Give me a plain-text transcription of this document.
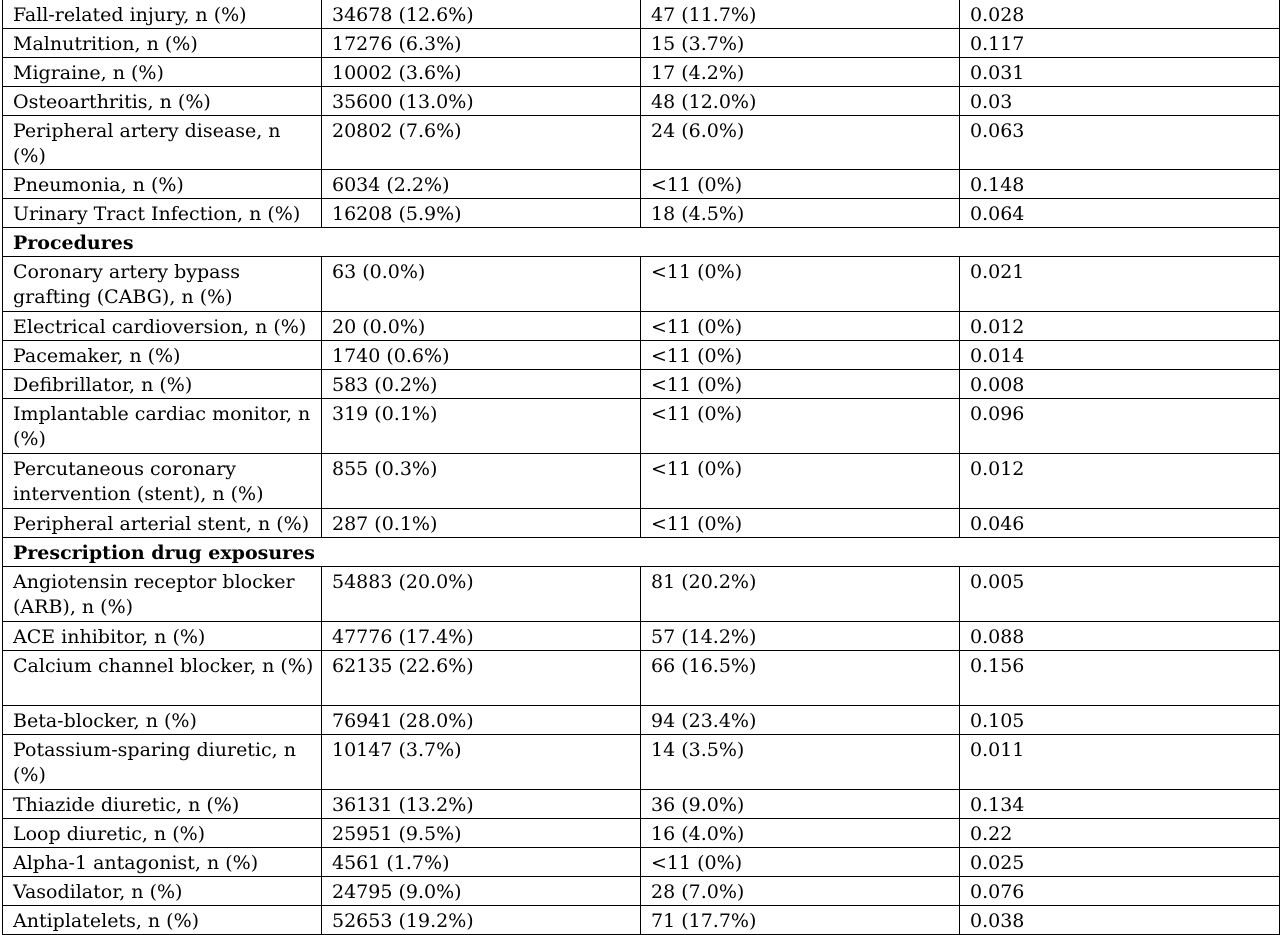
Fall-related injury, n (%)	34678 (12.6%)	47 (11.7%)	0.028
Malnutrition, n (%)	17276 (6.3%)	15 (3.7%)	0.117
Migraine, n (%)	10002 (3.6%)	17 (4.2%)	0.031
Osteoarthritis, n (%)	35600 (13.0%)	48 (12.0%)	0.03
Peripheral artery disease, n (%)	20802 (7.6%)	24 (6.0%)	0.063
Pneumonia, n (%)	6034 (2.2%)	<11 (0%)	0.148
Urinary Tract Infection, n (%)	16208 (5.9%)	18 (4.5%)	0.064
Procedures			
Coronary artery bypass grafting (CABG), n (%)	63 (0.0%)	<11 (0%)	0.021
Electrical cardioversion, n (%)	20 (0.0%)	<11 (0%)	0.012
Pacemaker, n (%)	1740 (0.6%)	<11 (0%)	0.014
Defibrillator, n (%)	583 (0.2%)	<11 (0%)	0.008
Implantable cardiac monitor, n (%)	319 (0.1%)	<11 (0%)	0.096
Percutaneous coronary intervention (stent), n (%)	855 (0.3%)	<11 (0%)	0.012
Peripheral arterial stent, n (%)	287 (0.1%)	<11 (0%)	0.046
Prescription drug exposures			
Angiotensin receptor blocker (ARB), n (%)	54883 (20.0%)	81 (20.2%)	0.005
ACE inhibitor, n (%)	47776 (17.4%)	57 (14.2%)	0.088
Calcium channel blocker, n (%)	62135 (22.6%)	66 (16.5%)	0.156
Beta-blocker, n (%)	76941 (28.0%)	94 (23.4%)	0.105
Potassium-sparing diuretic, n (%)	10147 (3.7%)	14 (3.5%)	0.011
Thiazide diuretic, n (%)	36131 (13.2%)	36 (9.0%)	0.134
Loop diuretic, n (%)	25951 (9.5%)	16 (4.0%)	0.22
Alpha-1 antagonist, n (%)	4561 (1.7%)	<11 (0%)	0.025
Vasodilator, n (%)	24795 (9.0%)	28 (7.0%)	0.076
Antiplatelets, n (%)	52653 (19.2%)	71 (17.7%)	0.038
